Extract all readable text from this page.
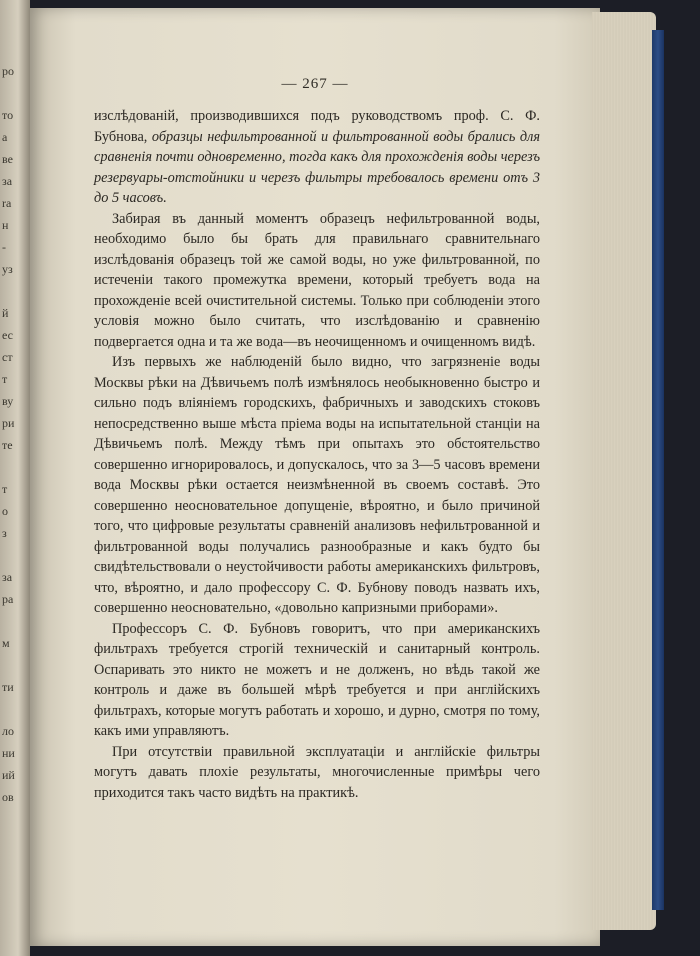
ро

то
а
ве
за
ra
н
-
уз

й
ес
ст
т
ву
ри
те

т
о
з

за
ра

м

ти

ло
ни
ий
ов
— 267 —

изслѣдованій, производившихся подъ руководствомъ проф. С. Ф. Бубнова, образцы нефильтрованной и фильтрованной воды брались для сравненія почти одновременно, тогда какъ для прохожденія воды черезъ резервуары-отстойники и черезъ фильтры требовалось времени отъ 3 до 5 часовъ.

Забирая въ данный моментъ образецъ нефильтрованной воды, необходимо было бы брать для правильнаго сравнительнаго изслѣдованія образецъ той же самой воды, но уже фильтрованной, по истеченіи такого промежутка времени, который требуетъ вода на прохожденіе всей очистительной системы. Только при соблюденіи этого условія можно было считать, что изслѣдованію и сравненію подвергается одна и та же вода—въ неочищенномъ и очищенномъ видѣ.

Изъ первыхъ же наблюденій было видно, что загрязненіе воды Москвы рѣки на Дѣвичьемъ полѣ измѣнялось необыкновенно быстро и сильно подъ вліяніемъ городскихъ, фабричныхъ и заводскихъ стоковъ непосредственно выше мѣста пріема воды на испытательной станціи на Дѣвичьемъ полѣ. Между тѣмъ при опытахъ это обстоятельство совершенно игнорировалось, и допускалось, что за 3—5 часовъ времени вода Москвы рѣки остается неизмѣненной въ своемъ составѣ. Это совершенно неосновательное допущеніе, вѣроятно, и было причиной того, что цифровые результаты сравненій анализовъ нефильтрованной и фильтрованной воды получались разнообразные и какъ будто бы свидѣтельствовали о неустойчивости работы американскихъ фильтровъ, что, вѣроятно, и дало профессору С. Ф. Бубнову поводъ назвать ихъ, совершенно неосновательно, «довольно капризными приборами».

Профессоръ С. Ф. Бубновъ говоритъ, что при американскихъ фильтрахъ требуется строгій техническій и санитарный контроль. Оспаривать это никто не можетъ и не долженъ, но вѣдь такой же контроль и даже въ большей мѣрѣ требуется и при англійскихъ фильтрахъ, которые могутъ работать и хорошо, и дурно, смотря по тому, какъ ими управляютъ.

При отсутствіи правильной эксплуатаціи и англійскіе фильтры могутъ давать плохіе результаты, многочисленные примѣры чего приходится такъ часто видѣть на практикѣ.
